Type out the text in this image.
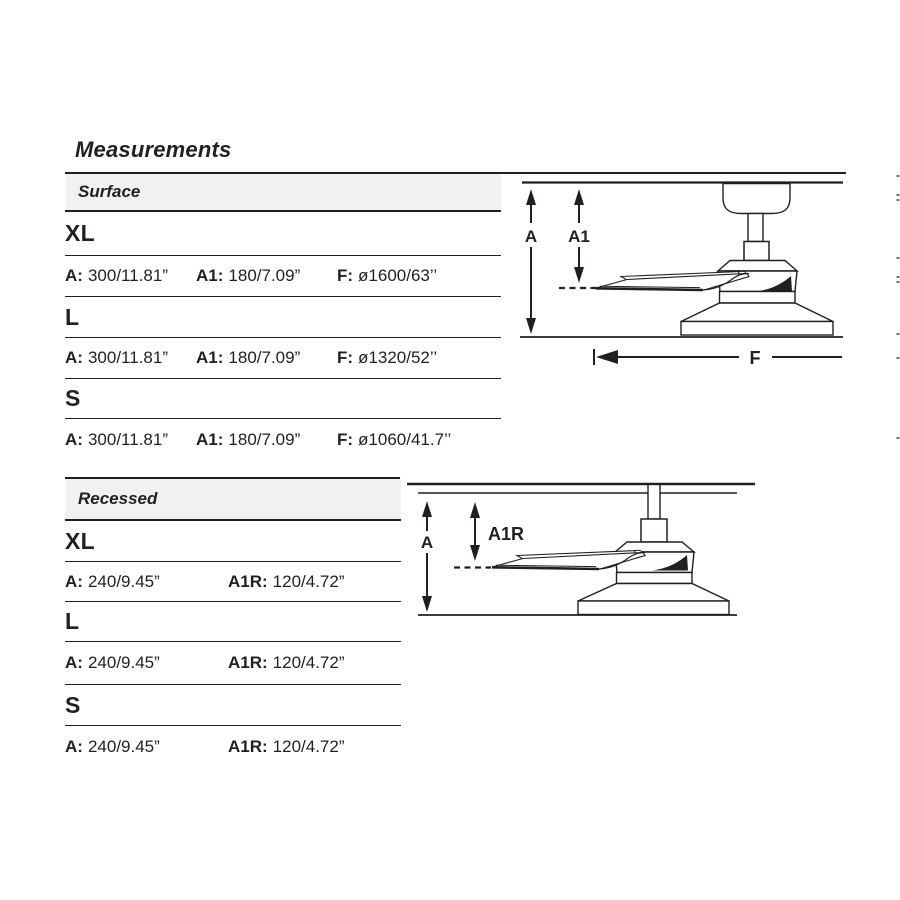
Measurements
Surface
XL
A: 300/11.81” A1: 180/7.09” F: ø1600/63’’
L
A: 300/11.81” A1: 180/7.09” F: ø1320/52’’
S
A: 300/11.81” A1: 180/7.09” F: ø1060/41.7’’
Recessed
XL
A: 240/9.45”	A1R: 120/4.72”
L
A: 240/9.45”	A1R: 120/4.72”
S
A: 240/9.45”	A1R: 120/4.72”
A A1
F
A	A1R
